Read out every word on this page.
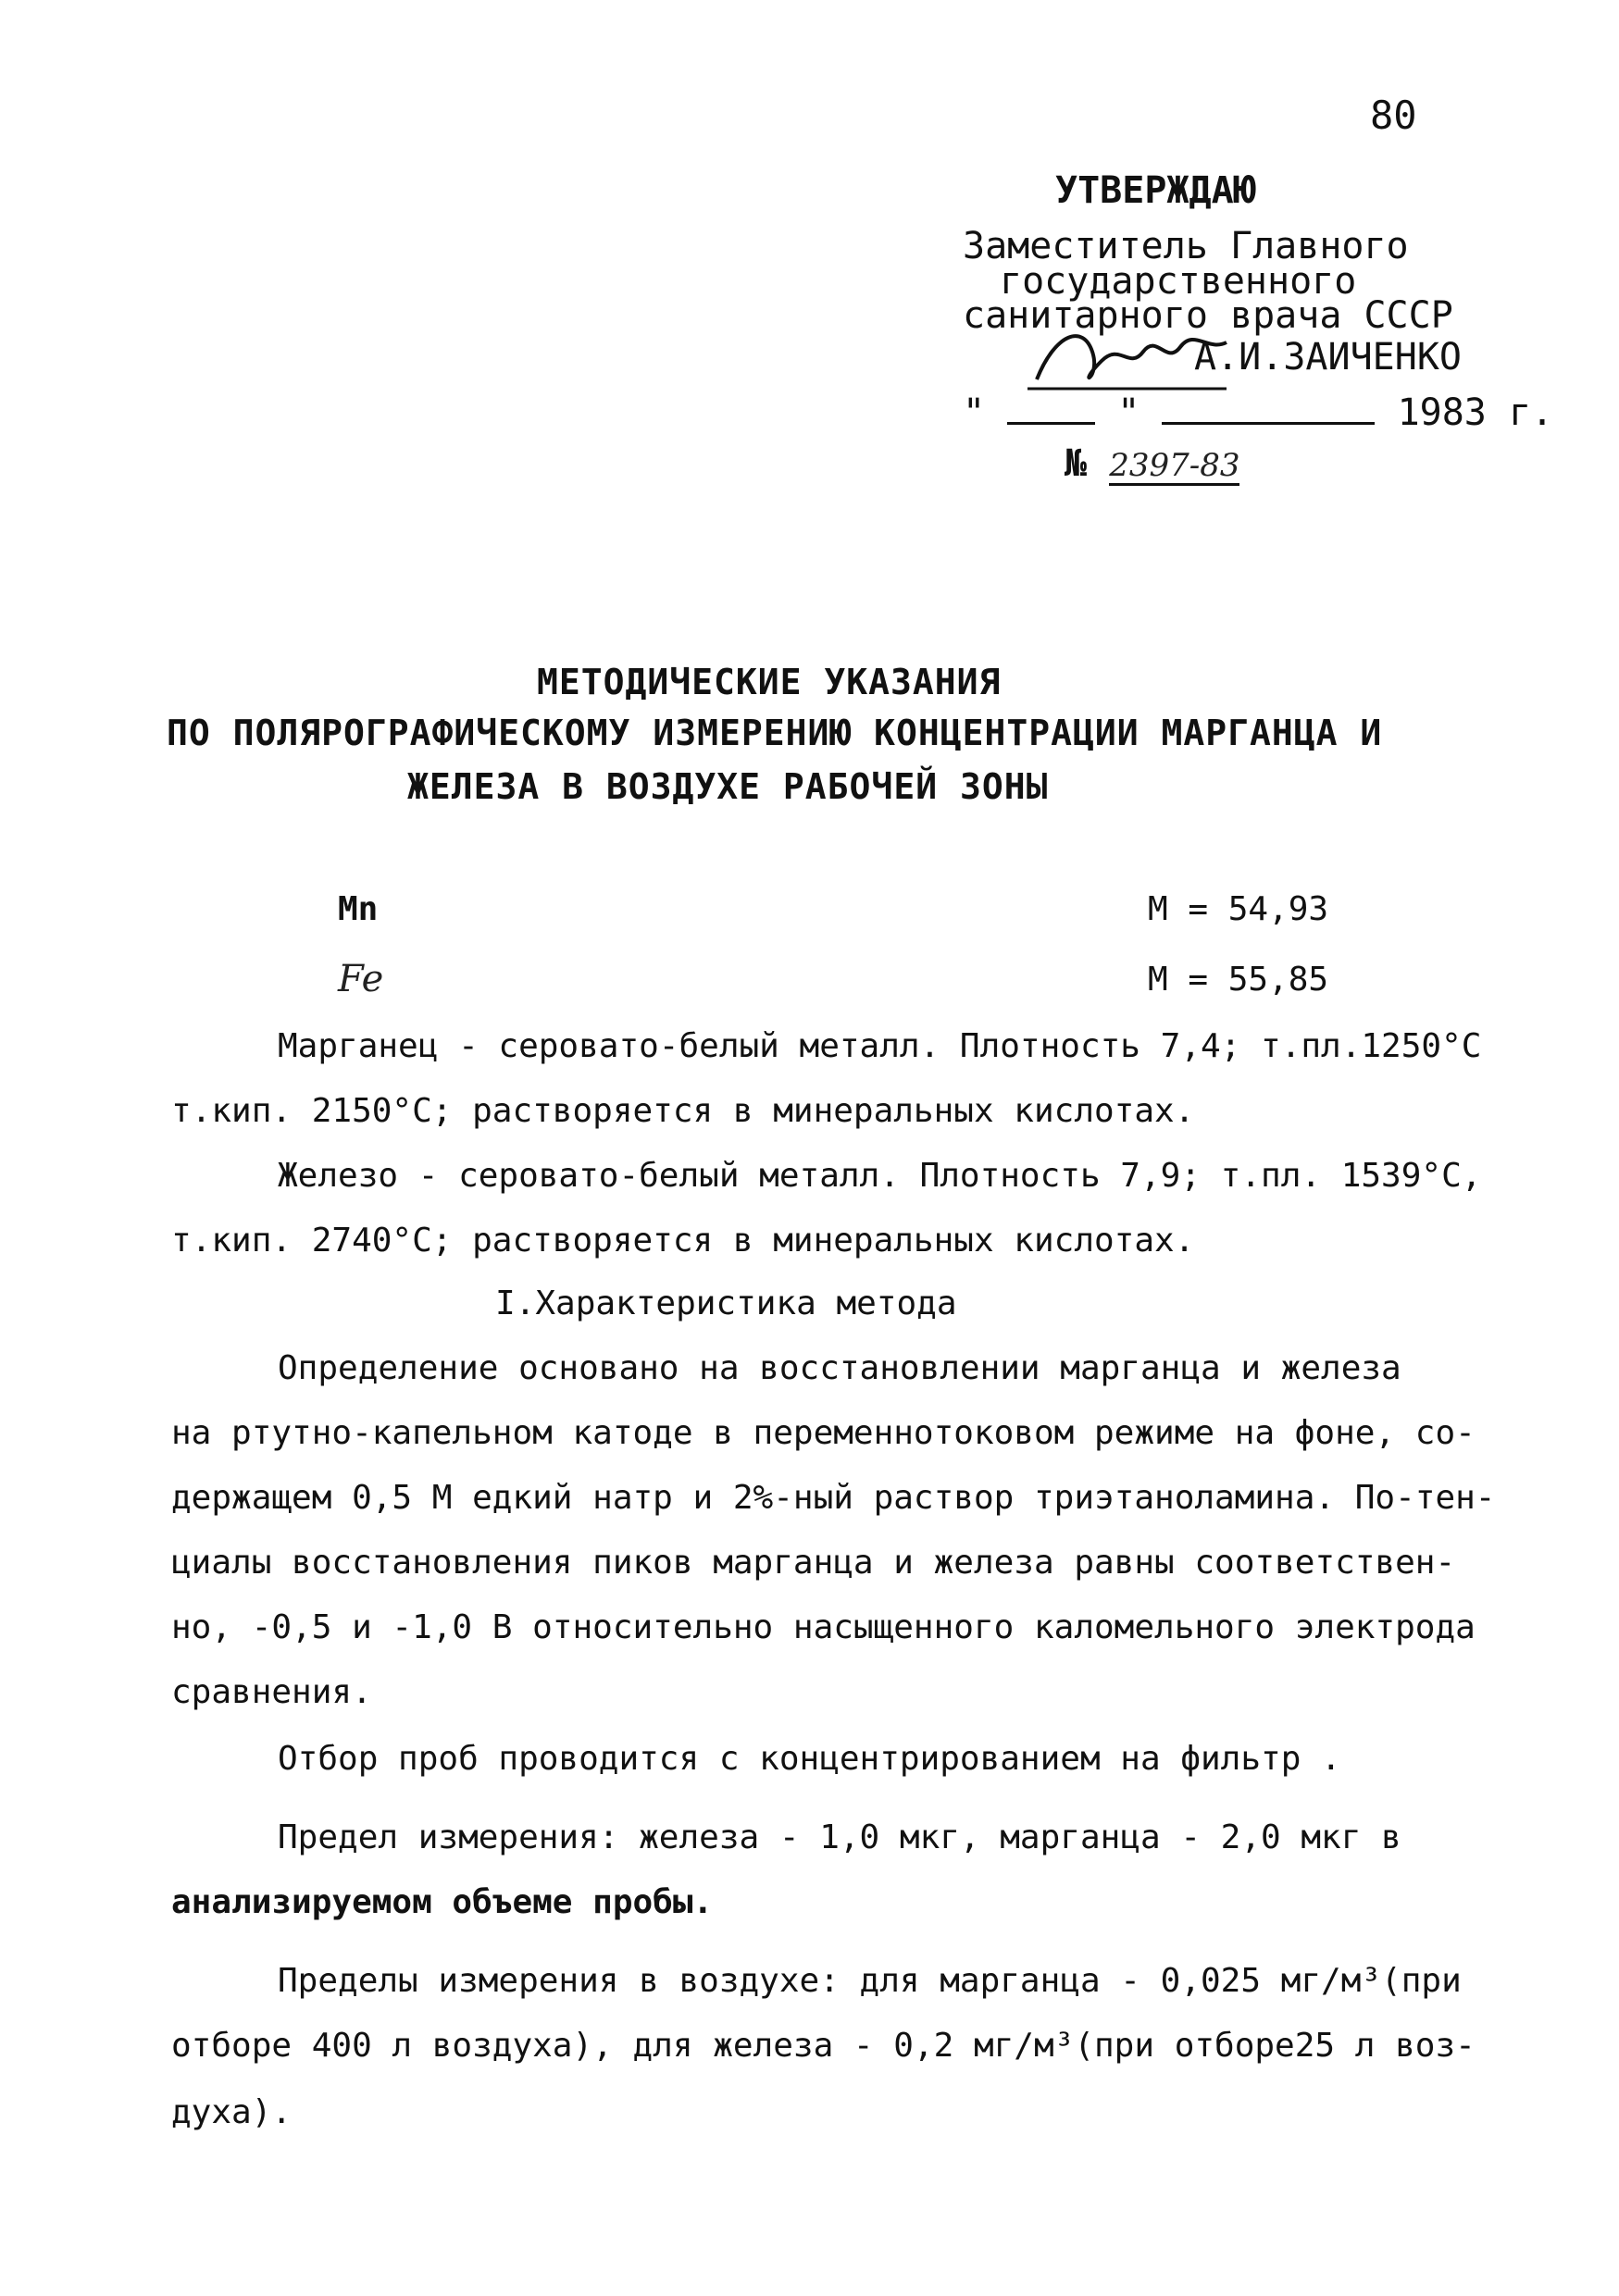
80
УТВЕРЖДАЮ
Заместитель Главного
государственного
санитарного врача СССР
А.И.ЗАИЧЕНКО
"	"	1983 г.
№ 2397-83
МЕТОДИЧЕСКИЕ УКАЗАНИЯ
ПО ПОЛЯРОГРАФИЧЕСКОМУ ИЗМЕРЕНИЮ КОНЦЕНТРАЦИИ МАРГАНЦА И
ЖЕЛЕЗА В ВОЗДУХЕ РАБОЧЕЙ ЗОНЫ
Mn	М = 54,93
Fe	М = 55,85
Марганец - серовато-белый металл. Плотность 7,4; т.пл.1250°С
т.кип. 2150°С; растворяется в минеральных кислотах.
Железо - серовато-белый металл. Плотность 7,9; т.пл. 1539°С,
т.кип. 2740°С; растворяется в минеральных кислотах.
I.Характеристика метода
Определение основано на восстановлении марганца и железа
на ртутно-капельном катоде в переменнотоковом режиме на фоне, со-
держащем 0,5 М едкий натр и 2%-ный раствор триэтаноламина. По-тен-
циалы восстановления пиков марганца и железа равны соответствен-
но, -0,5 и -1,0 В относительно насыщенного каломельного электрода
сравнения.
Отбор проб проводится с концентрированием на фильтр .
Предел измерения: железа - 1,0 мкг, марганца - 2,0 мкг в
анализируемом объеме пробы.
Пределы измерения в воздухе: для марганца - 0,025 мг/м³(при
отборе 400 л воздуха), для железа - 0,2 мг/м³(при отборе25 л воз-
духа).
